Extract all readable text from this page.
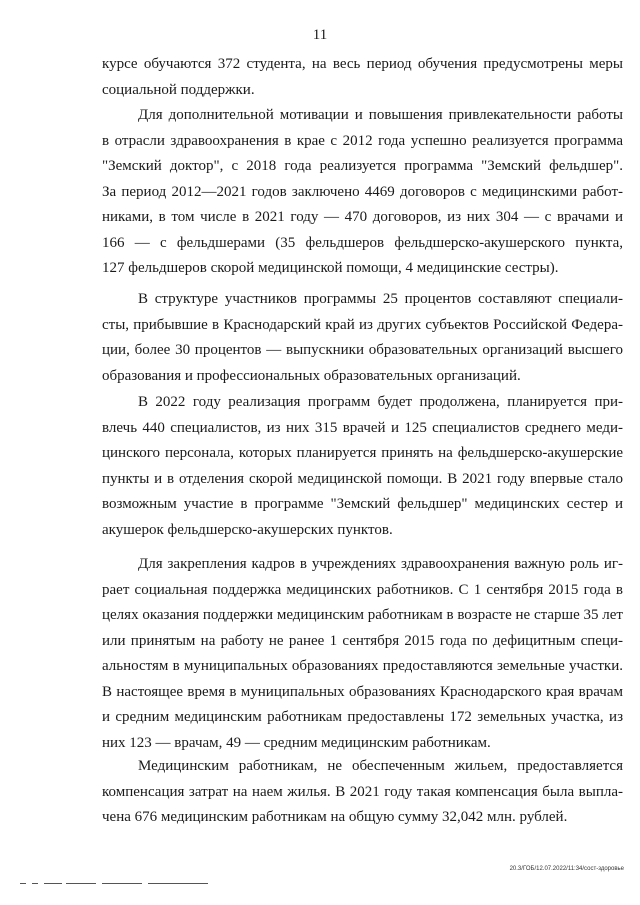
11
курсе обучаются 372 студента, на весь период обучения предусмотрены меры
социальной поддержки.
Для дополнительной мотивации и повышения привлекательности работы
в отрасли здравоохранения в крае с 2012 года успешно реализуется программа
"Земский доктор", с 2018 года реализуется программа "Земский фельдшер".
За период 2012—2021 годов заключено 4469 договоров с медицинскими работ-
никами, в том числе в 2021 году — 470 договоров, из них 304 — с врачами и
166 — с фельдшерами (35 фельдшеров фельдшерско-акушерского пункта,
127 фельдшеров скорой медицинской помощи, 4 медицинские сестры).
В структуре участников программы 25 процентов составляют специали-
сты, прибывшие в Краснодарский край из других субъектов Российской Федера-
ции, более 30 процентов — выпускники образовательных организаций высшего
образования и профессиональных образовательных организаций.
В 2022 году реализация программ будет продолжена, планируется при-
влечь 440 специалистов, из них 315 врачей и 125 специалистов среднего меди-
цинского персонала, которых планируется принять на фельдшерско-акушерские
пункты и в отделения скорой медицинской помощи. В 2021 году впервые стало
возможным участие в программе "Земский фельдшер" медицинских сестер и
акушерок фельдшерско-акушерских пунктов.
Для закрепления кадров в учреждениях здравоохранения важную роль иг-
рает социальная поддержка медицинских работников. С 1 сентября 2015 года в
целях оказания поддержки медицинским работникам в возрасте не старше 35 лет
или принятым на работу не ранее 1 сентября 2015 года по дефицитным специ-
альностям в муниципальных образованиях предоставляются земельные участки.
В настоящее время в муниципальных образованиях Краснодарского края врачам
и средним медицинским работникам предоставлены 172 земельных участка, из
них 123 — врачам, 49 — средним медицинским работникам.
Медицинским работникам, не обеспеченным жильем, предоставляется
компенсация затрат на наем жилья. В 2021 году такая компенсация была выпла-
чена 676 медицинским работникам на общую сумму 32,042 млн. рублей.
20.3/ГОБ/12.07.2022/11:34/сост-здоровье
